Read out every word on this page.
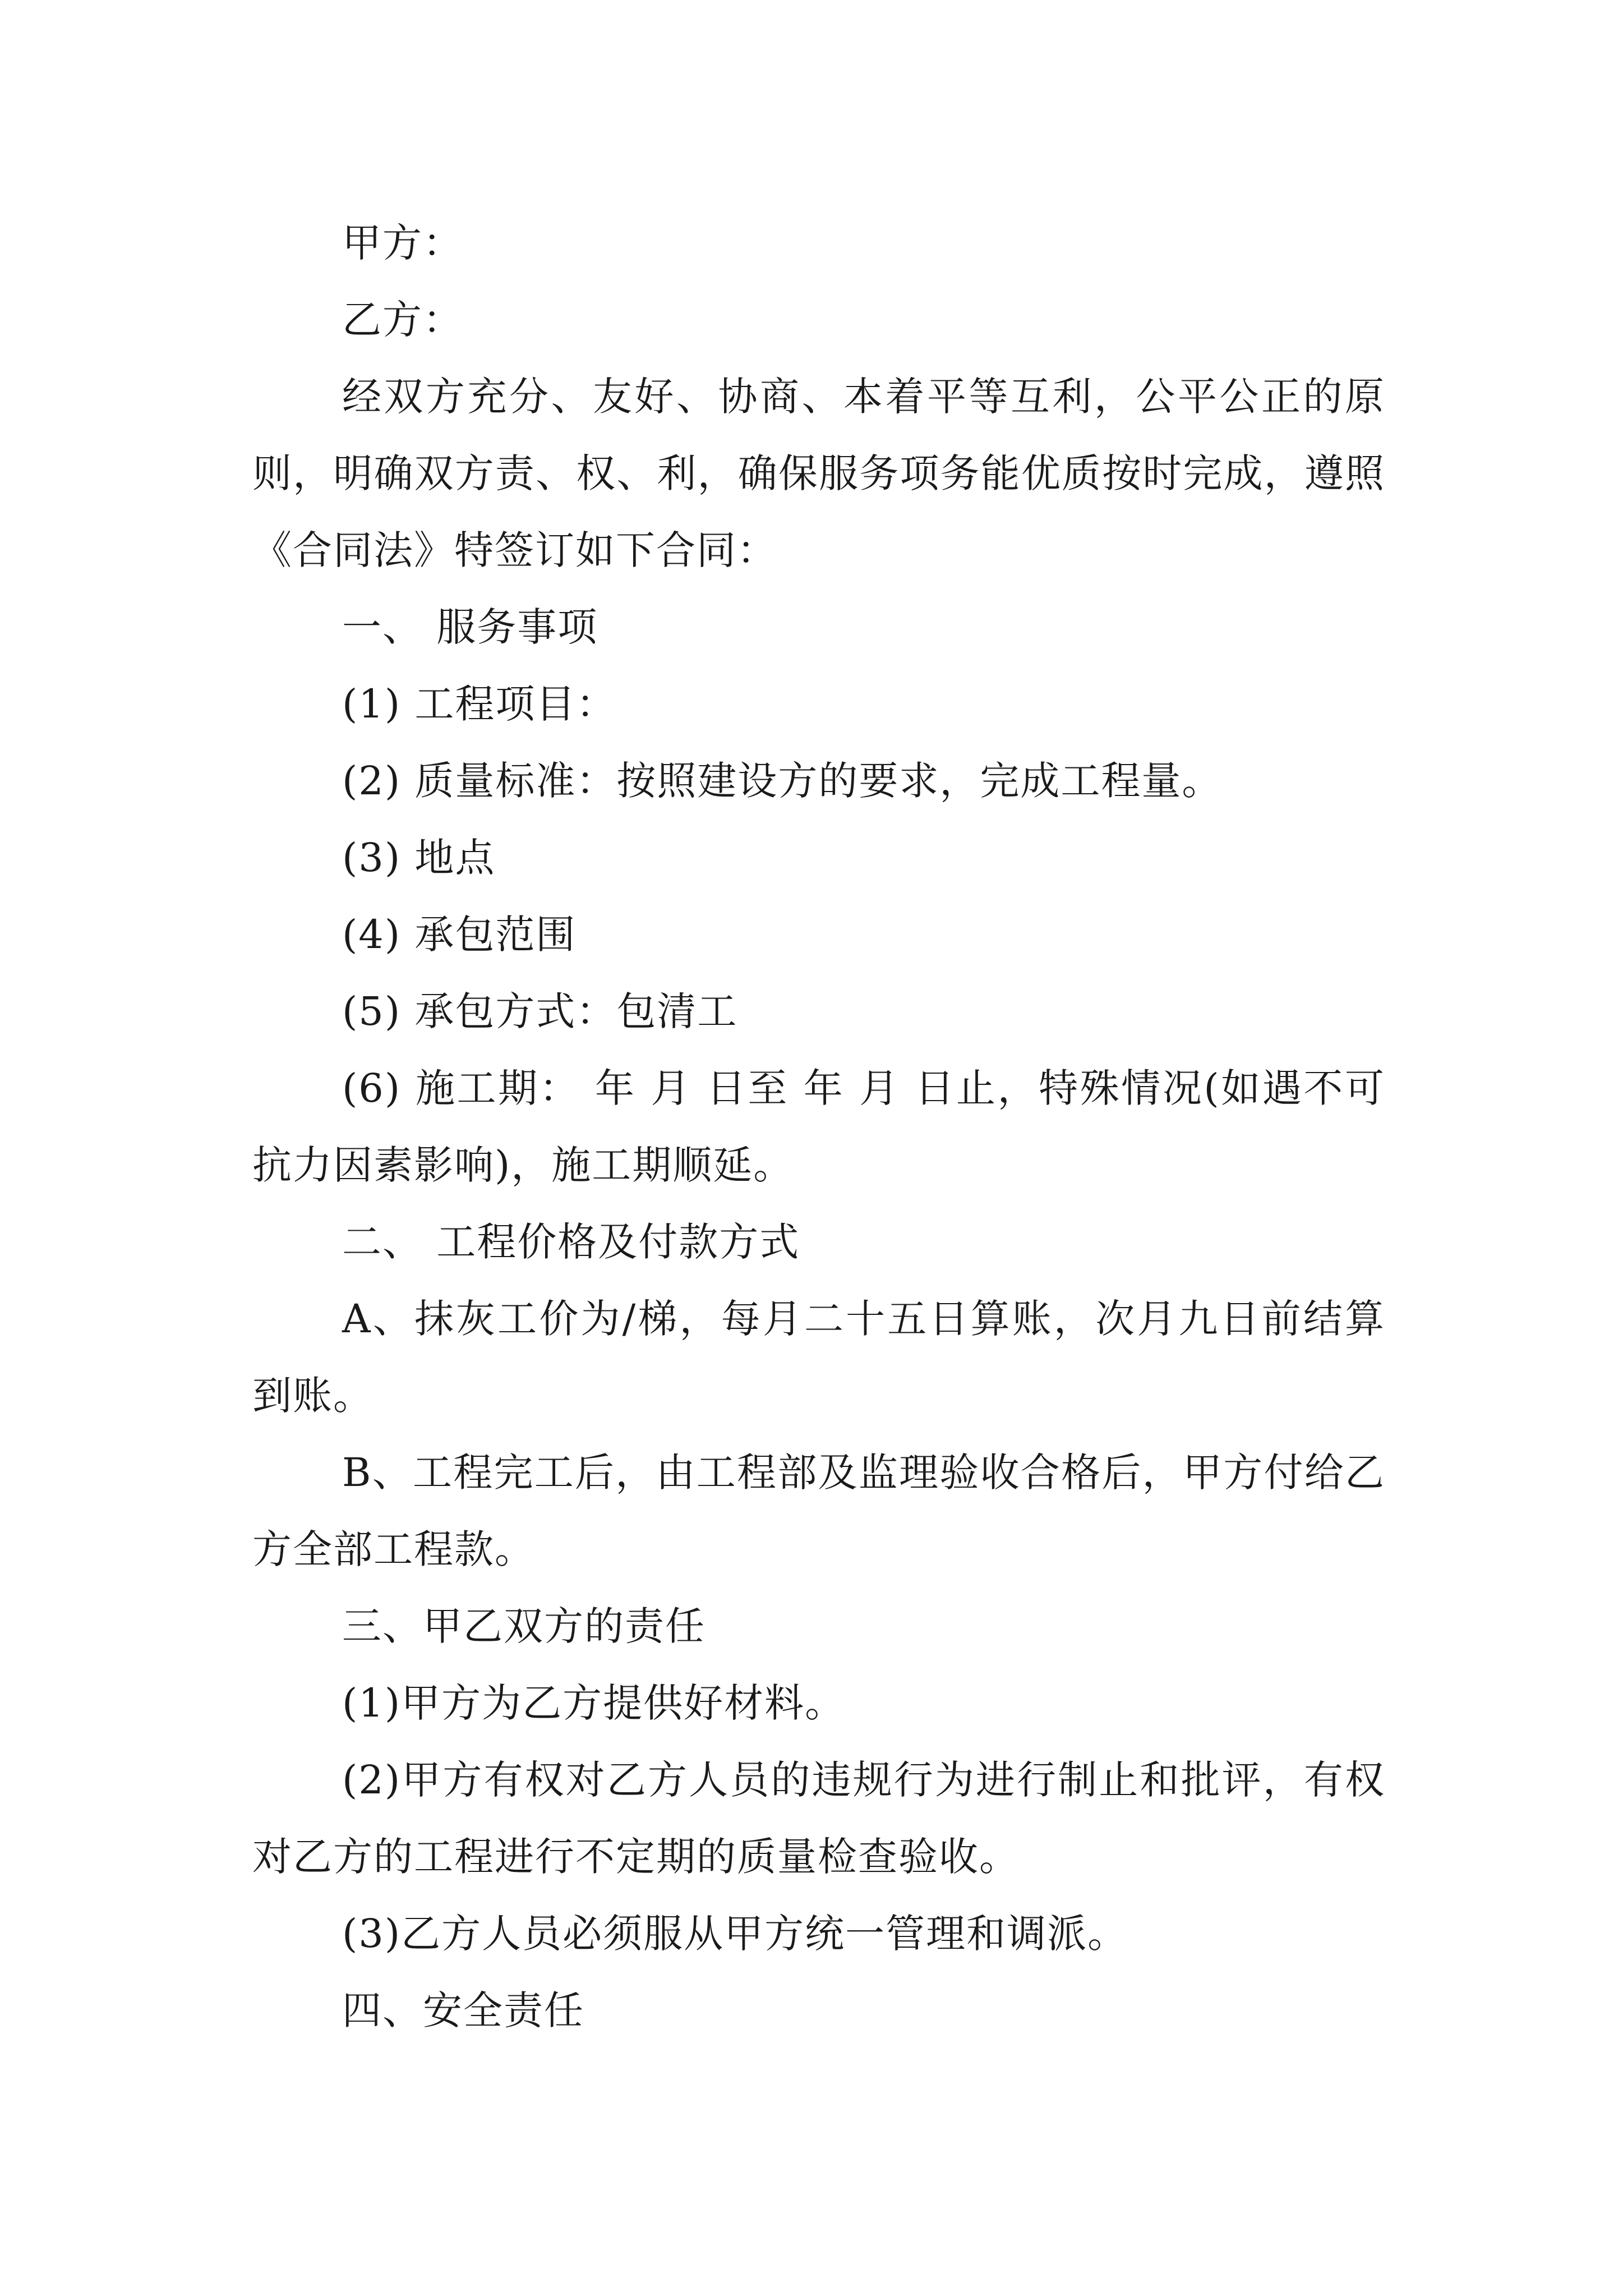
甲方：

乙方：

经双方充分、友好、协商、本着平等互利，公平公正的原则，明确双方责、权、利，确保服务项务能优质按时完成，遵照《合同法》特签订如下合同：

一、 服务事项

(1) 工程项目：

(2) 质量标准：按照建设方的要求，完成工程量。

(3) 地点

(4) 承包范围

(5) 承包方式：包清工

(6) 施工期： 年 月 日至 年 月 日止，特殊情况(如遇不可抗力因素影响)，施工期顺延。

二、 工程价格及付款方式

A、抹灰工价为/梯，每月二十五日算账，次月九日前结算到账。

B、工程完工后，由工程部及监理验收合格后，甲方付给乙方全部工程款。

三、甲乙双方的责任

(1)甲方为乙方提供好材料。

(2)甲方有权对乙方人员的违规行为进行制止和批评，有权对乙方的工程进行不定期的质量检查验收。

(3)乙方人员必须服从甲方统一管理和调派。

四、安全责任
